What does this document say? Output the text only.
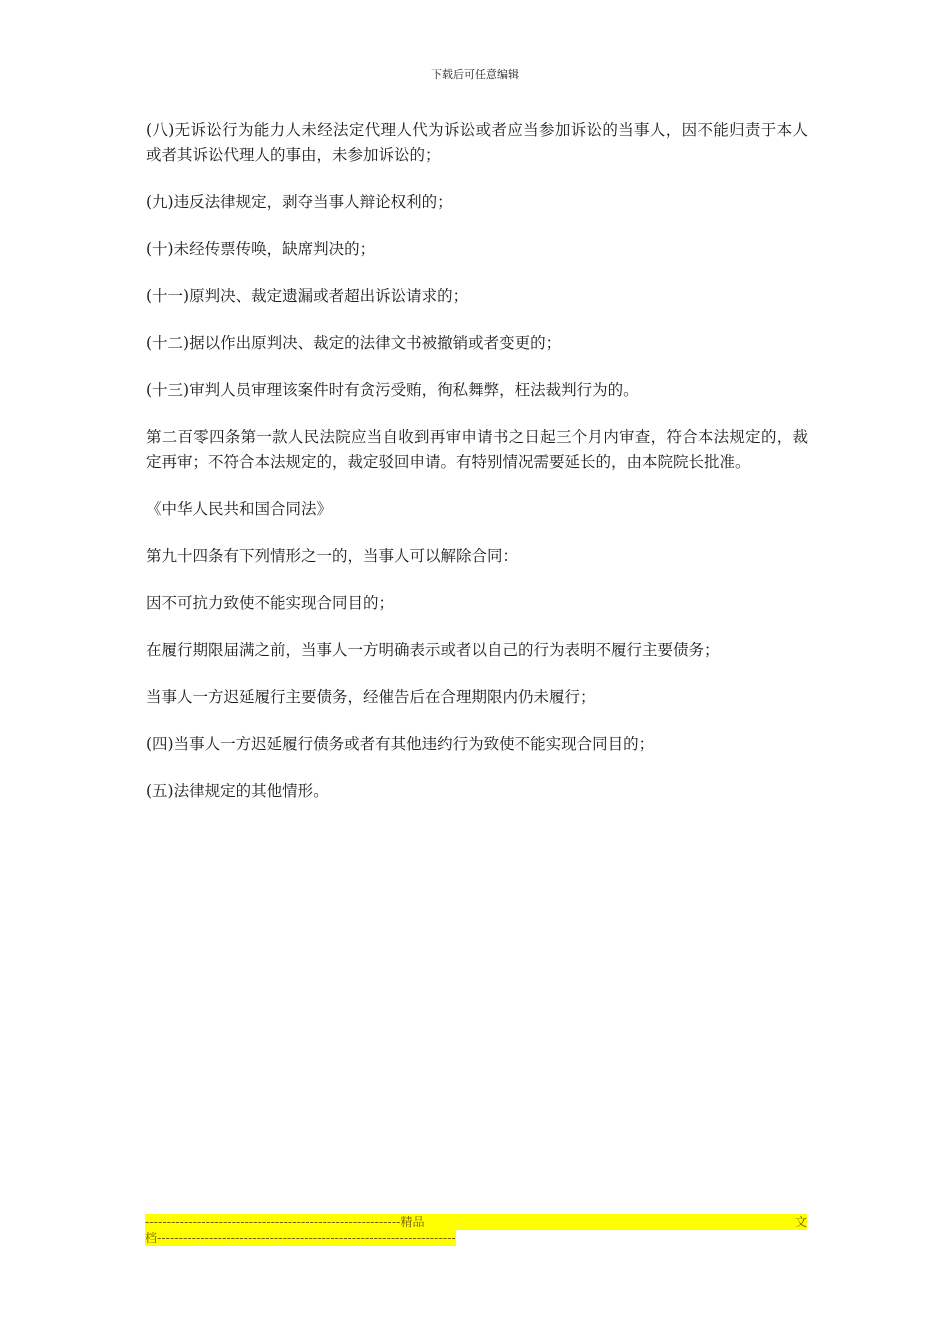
下载后可任意编辑

(八)无诉讼行为能力人未经法定代理人代为诉讼或者应当参加诉讼的当事人，因不能归责于本人或者其诉讼代理人的事由，未参加诉讼的；

(九)违反法律规定，剥夺当事人辩论权利的；

(十)未经传票传唤，缺席判决的；

(十一)原判决、裁定遗漏或者超出诉讼请求的；

(十二)据以作出原判决、裁定的法律文书被撤销或者变更的；

(十三)审判人员审理该案件时有贪污受贿，徇私舞弊，枉法裁判行为的。

第二百零四条第一款人民法院应当自收到再审申请书之日起三个月内审查，符合本法规定的，裁定再审；不符合本法规定的，裁定驳回申请。有特别情况需要延长的，由本院院长批准。

《中华人民共和国合同法》

第九十四条有下列情形之一的，当事人可以解除合同：

因不可抗力致使不能实现合同目的；

在履行期限届满之前，当事人一方明确表示或者以自己的行为表明不履行主要债务；

当事人一方迟延履行主要债务，经催告后在合理期限内仍未履行；

(四)当事人一方迟延履行债务或者有其他违约行为致使不能实现合同目的；

(五)法律规定的其他情形。

----------------------------------------------------------- 精 品	文
档---------------------------------------------------------------------
